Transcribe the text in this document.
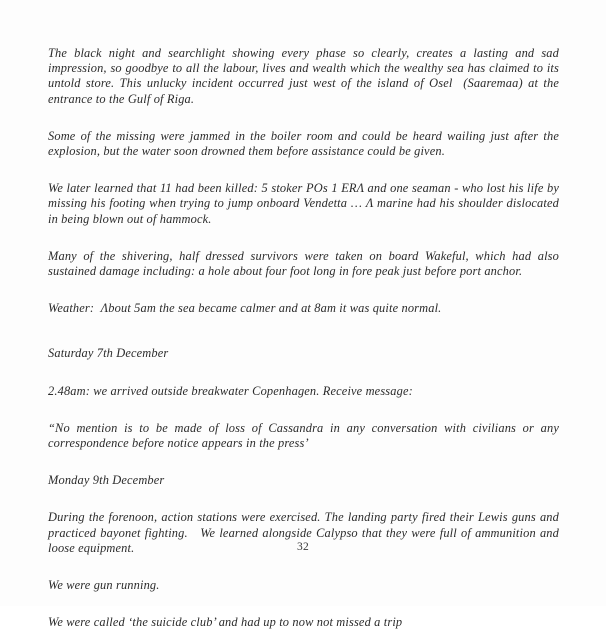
The black night and searchlight showing every phase so clearly, creates a lasting and sad impression, so goodbye to all the labour, lives and wealth which the wealthy sea has claimed to its untold store. This unlucky incident occurred just west of the island of Osel  (Saaremaa) at the entrance to the Gulf of Riga.

Some of the missing were jammed in the boiler room and could be heard wailing just after the explosion, but the water soon drowned them before assistance could be given.

We later learned that 11 had been killed: 5 stoker POs 1 ERΛ and one seaman - who lost his life by missing his footing when trying to jump onboard Vendetta … Λ marine had his shoulder dislocated in being blown out of hammock.

Many of the shivering, half dressed survivors were taken on board Wakeful, which had also sustained damage including: a hole about four foot long in fore peak just before port anchor.

Weather:  Λbout 5am the sea became calmer and at 8am it was quite normal.

Saturday 7th December

2.48am: we arrived outside breakwater Copenhagen. Receive message:

“No mention is to be made of loss of Cassandra in any conversation with civilians or any correspondence before notice appears in the press’

Monday 9th December

During the forenoon, action stations were exercised. The landing party fired their Lewis guns and practiced bayonet fighting.   We learned alongside Calypso that they were full of ammunition and loose equipment.

We were gun running.

We were called ‘the suicide club’ and had up to now not missed a trip

32
